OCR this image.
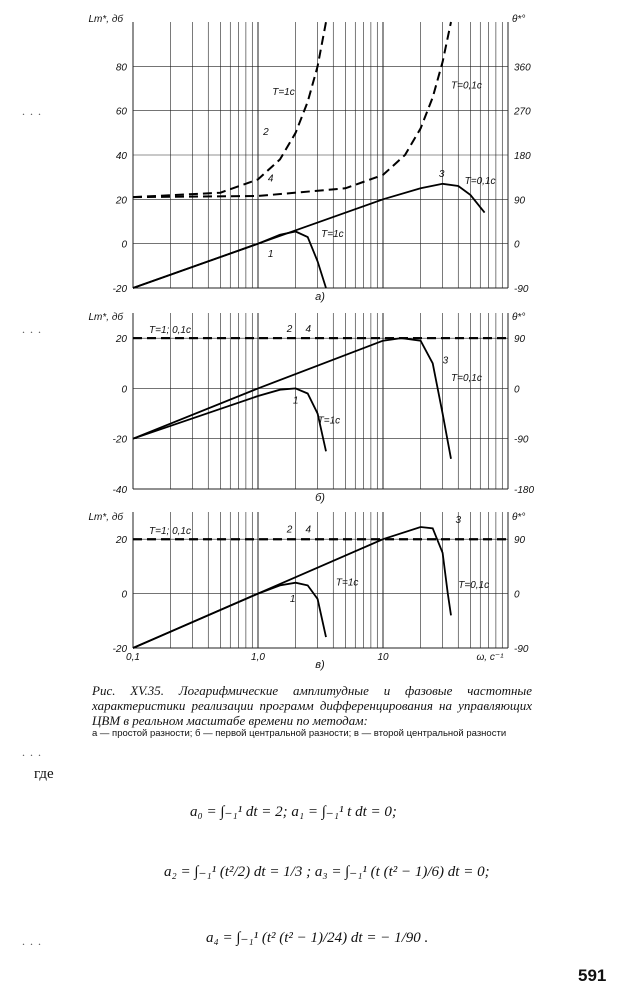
80	360
60	270
40	180
20	90
0	0
-20	-90
Lm*, дб	θ*°
а)
1
2
3
4
T=1c
T=1c
T=0,1c
T=0,1c
20	90
0	0
-20	-90
-40	-180
Lm*, дб	θ*°
б)
1
3
T=1c
T=0,1c
T=1; 0,1c	2 4
20	90
0	0
-20	-90
Lm*, дб	θ*°
в)
1
3
T=1c	T=0,1c
T=1; 0,1c	2 4
0,1	1,0	10	ω, c⁻¹
Рис. XV.35. Логарифмические амплитудные и фазовые частотные характеристики реализации программ дифференцирования на управляющих ЦВМ в реальном масштабе времени по методам:
а — простой разности; б — первой центральной разности; в — второй центральной разности
. . .
. . .
. . .
. . .
где
a₀ = ∫₋₁¹ dt = 2; a₁ = ∫₋₁¹ t dt = 0;
a₂ = ∫₋₁¹ (t²/2) dt = 1/3 ; a₃ = ∫₋₁¹ (t (t² − 1)/6) dt = 0;
a₄ = ∫₋₁¹ (t² (t² − 1)/24) dt = − 1/90 .
591
